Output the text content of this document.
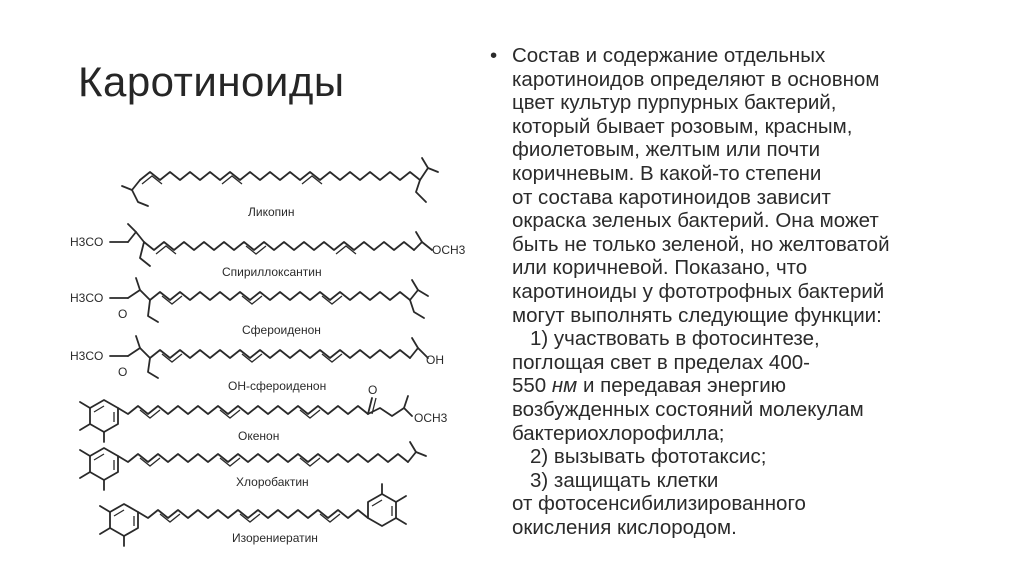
Каротиноиды
Ликопин
H3CO
OCH3
Спириллоксантин
H3CO
O
Сфероиденон
H3CO
O
OH
OH-сфероиденон	O
OCH3
Окенон
Хлоробактин
Изорениератин
• Состав и содержание отдельных
каротиноидов определяют в основном
цвет культур пурпурных бактерий,
который бывает розовым, красным,
фиолетовым, желтым или почти
коричневым. В какой-то степени
от состава каротиноидов зависит
окраска зеленых бактерий. Она может
быть не только зеленой, но желтоватой
или коричневой. Показано, что
каротиноиды у фототрофных бактерий
могут выполнять следующие функции:
1) участвовать в фотосинтезе,
поглощая свет в пределах 400-
550 нм и передавая энергию
возбужденных состояний молекулам
бактериохлорофилла;
2) вызывать фототаксис;
3) защищать клетки
от фотосенсибилизированного
окисления кислородом.
